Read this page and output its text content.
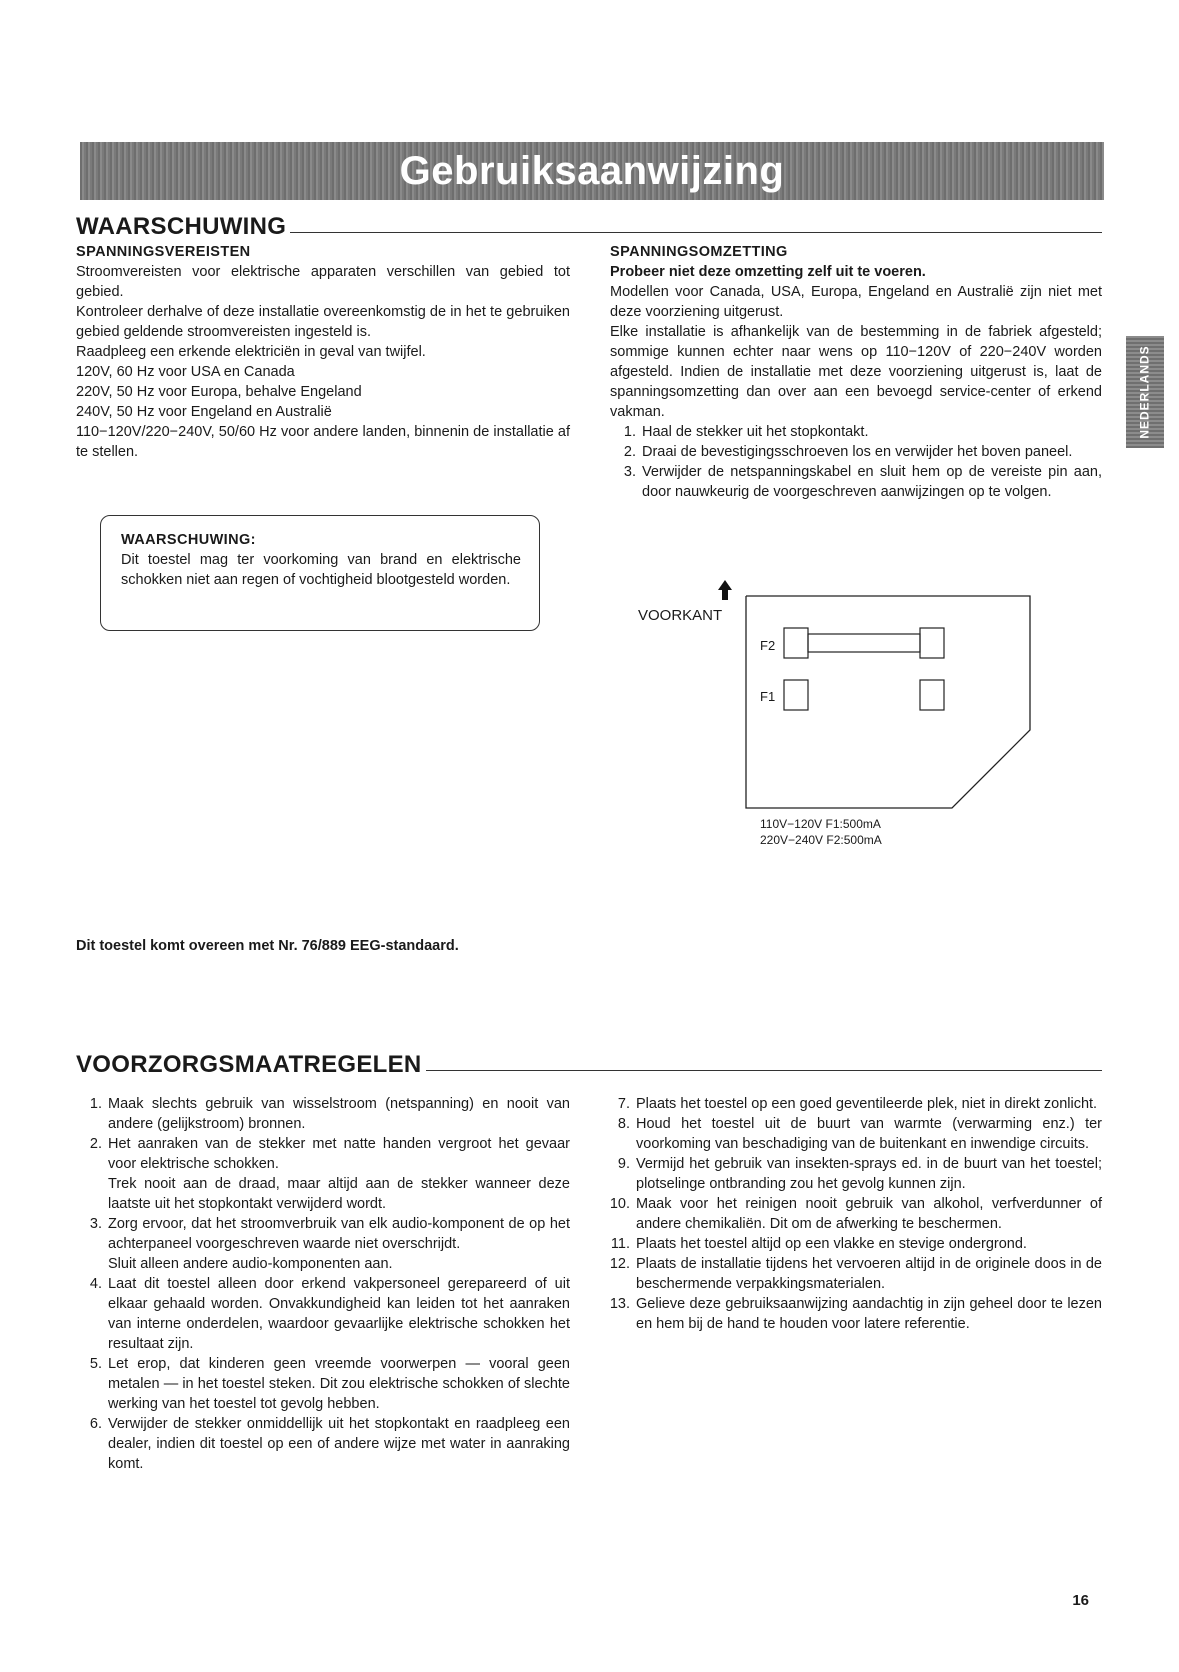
Gebruiksaanwijzing
NEDERLANDS
WAARSCHUWING
SPANNINGSVEREISTEN

Stroomvereisten voor elektrische apparaten verschillen van gebied tot gebied.

Kontroleer derhalve of deze installatie overeenkomstig de in het te gebruiken gebied geldende stroomvereisten ingesteld is.

Raadpleeg een erkende elektriciën in geval van twijfel.

120V, 60 Hz voor USA en Canada
220V, 50 Hz voor Europa, behalve Engeland
240V, 50 Hz voor Engeland en Australië
110−120V/220−240V, 50/60 Hz voor andere landen, binnenin de installatie af te stellen.
WAARSCHUWING:
Dit toestel mag ter voorkoming van brand en elektrische schokken niet aan regen of vochtigheid blootgesteld worden.
SPANNINGSOMZETTING
Probeer niet deze omzetting zelf uit te voeren.

Modellen voor Canada, USA, Europa, Engeland en Australië zijn niet met deze voorziening uitgerust.

Elke installatie is afhankelijk van de bestemming in de fabriek afgesteld; sommige kunnen echter naar wens op 110−120V of 220−240V worden afgesteld. Indien de installatie met deze voorziening uitgerust is, laat de spanningsomzetting dan over aan een bevoegd service-center of erkend vakman.

1. Haal de stekker uit het stopkontakt.
2. Draai de bevestigingsschroeven los en verwijder het boven paneel.
3. Verwijder de netspanningskabel en sluit hem op de vereiste pin aan, door nauwkeurig de voorgeschreven aanwijzingen op te volgen.
VOORKANT
F2
F1
110V−120V F1:500mA
220V−240V F2:500mA
Dit toestel komt overeen met Nr. 76/889 EEG-standaard.
VOORZORGSMAATREGELEN
1. Maak slechts gebruik van wisselstroom (netspanning) en nooit van andere (gelijkstroom) bronnen.
2. Het aanraken van de stekker met natte handen vergroot het gevaar voor elektrische schokken.
Trek nooit aan de draad, maar altijd aan de stekker wanneer deze laatste uit het stopkontakt verwijderd wordt.
3. Zorg ervoor, dat het stroomverbruik van elk audio-komponent de op het achterpaneel voorgeschreven waarde niet overschrijdt.
Sluit alleen andere audio-komponenten aan.
4. Laat dit toestel alleen door erkend vakpersoneel gerepareerd of uit elkaar gehaald worden. Onvakkundigheid kan leiden tot het aanraken van interne onderdelen, waardoor gevaarlijke elektrische schokken het resultaat zijn.
5. Let erop, dat kinderen geen vreemde voorwerpen — vooral geen metalen — in het toestel steken. Dit zou elektrische schokken of slechte werking van het toestel tot gevolg hebben.
6. Verwijder de stekker onmiddellijk uit het stopkontakt en raadpleeg een dealer, indien dit toestel op een of andere wijze met water in aanraking komt.
7. Plaats het toestel op een goed geventileerde plek, niet in direkt zonlicht.
8. Houd het toestel uit de buurt van warmte (verwarming enz.) ter voorkoming van beschadiging van de buitenkant en inwendige circuits.
9. Vermijd het gebruik van insekten-sprays ed. in de buurt van het toestel; plotselinge ontbranding zou het gevolg kunnen zijn.
10. Maak voor het reinigen nooit gebruik van alkohol, verfverdunner of andere chemikaliën. Dit om de afwerking te beschermen.
11. Plaats het toestel altijd op een vlakke en stevige ondergrond.
12. Plaats de installatie tijdens het vervoeren altijd in de originele doos in de beschermende verpakkingsmaterialen.
13. Gelieve deze gebruiksaanwijzing aandachtig in zijn geheel door te lezen en hem bij de hand te houden voor latere referentie.
16
